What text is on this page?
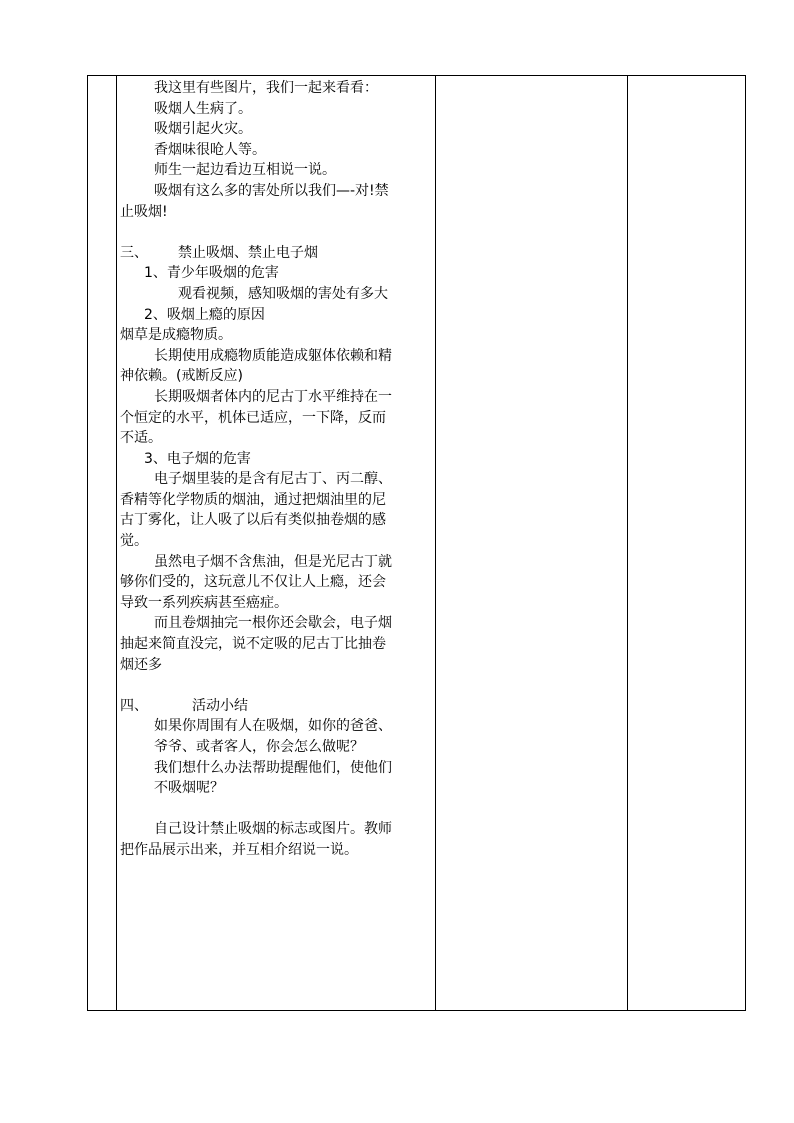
我这里有些图片，我们一起来看看：
吸烟人生病了。
吸烟引起火灾。
香烟味很呛人等。
师生一起边看边互相说一说。
吸烟有这么多的害处所以我们—-对!禁
止吸烟!
三、 禁止吸烟、禁止电子烟
1、青少年吸烟的危害
观看视频，感知吸烟的害处有多大
2、吸烟上瘾的原因
烟草是成瘾物质。
长期使用成瘾物质能造成躯体依赖和精
神依赖。(戒断反应)
长期吸烟者体内的尼古丁水平维持在一
个恒定的水平，机体已适应，一下降，反而
不适。
3、电子烟的危害
电子烟里装的是含有尼古丁、丙二醇、
香精等化学物质的烟油，通过把烟油里的尼
古丁雾化，让人吸了以后有类似抽卷烟的感
觉。
虽然电子烟不含焦油，但是光尼古丁就
够你们受的，这玩意儿不仅让人上瘾，还会
导致一系列疾病甚至癌症。
而且卷烟抽完一根你还会歇会，电子烟
抽起来简直没完，说不定吸的尼古丁比抽卷
烟还多
四、	活动小结
如果你周围有人在吸烟，如你的爸爸、
爷爷、或者客人，你会怎么做呢？
我们想什么办法帮助提醒他们，使他们
不吸烟呢？
自己设计禁止吸烟的标志或图片。教师
把作品展示出来，并互相介绍说一说。
